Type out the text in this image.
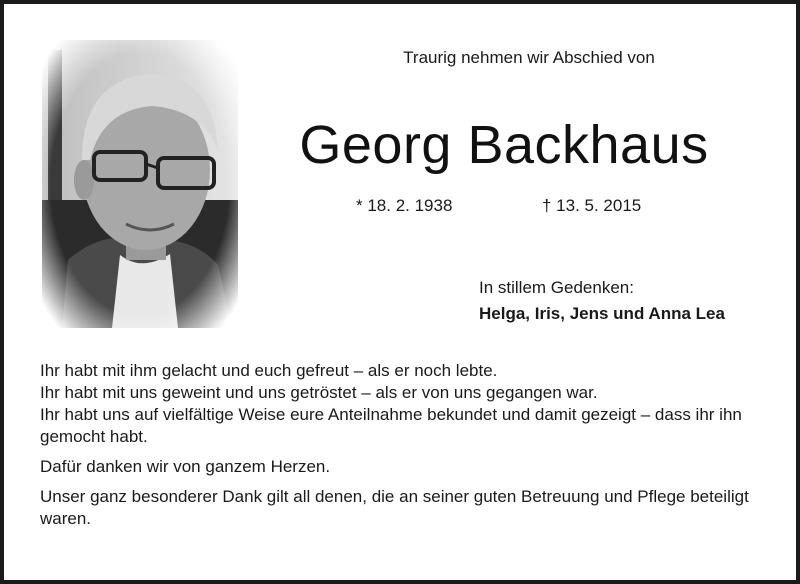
Traurig nehmen wir Abschied von
Georg Backhaus
* 18. 2. 1938	† 13. 5. 2015
In stillem Gedenken:
Helga, Iris, Jens und Anna Lea

Ihr habt mit ihm gelacht und euch gefreut – als er noch lebte.

Ihr habt mit uns geweint und uns getröstet – als er von uns gegangen war.

Ihr habt uns auf vielfältige Weise eure Anteilnahme bekundet und damit gezeigt – dass ihr ihn gemocht habt.

Dafür danken wir von ganzem Herzen.

Unser ganz besonderer Dank gilt all denen, die an seiner guten Betreuung und Pflege beteiligt waren.
